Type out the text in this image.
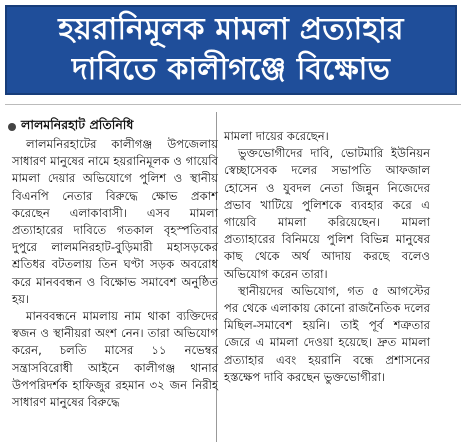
হয়রানিমূলক মামলা প্রত্যাহার
দাবিতে কালীগঞ্জে বিক্ষোভ
লালমনিরহাট প্রতিনিধি

লালমনিরহাটের কালীগঞ্জ উপজেলায় সাধারণ মানুষের নামে হয়রানিমূলক ও গায়েবি মামলা দেয়ার অভিযোগে পুলিশ ও স্থানীয় বিএনপি নেতার বিরুদ্ধে ক্ষোভ প্রকাশ করেছেন এলাকাবাসী। এসব মামলা প্রত্যাহারের দাবিতে গতকাল বৃহস্পতিবার দুপুরে লালমনিরহাট-বুড়িমারী মহাসড়কের শ্রতিধর বটতলায় তিন ঘণ্টা সড়ক অবরোধ করে মানববন্ধন ও বিক্ষোভ সমাবেশ অনুষ্ঠিত হয়।

মানববন্ধনে মামলায় নাম থাকা ব্যক্তিদের স্বজন ও স্থানীয়রা অংশ নেন। তারা অভিযোগ করেন, চলতি মাসের ১১ নভেম্বর সন্ত্রাসবিরোধী আইনে কালীগঞ্জ থানার উপপরিদর্শক হাফিজুর রহমান ৩২ জন নিরীহ সাধারণ মানুষের বিরুদ্ধে

মামলা দায়ের করেছেন।

ভুক্তভোগীদের দাবি, ভোটমারি ইউনিয়ন স্বেচ্ছাসেবক দলের সভাপতি আফজাল হোসেন ও যুবদল নেতা জিন্নুন নিজেদের প্রভাব খাটিয়ে পুলিশকে ব্যবহার করে এ গায়েবি মামলা করিয়েছেন। মামলা প্রত্যাহারের বিনিময়ে পুলিশ বিভিন্ন মানুষের কাছ থেকে অর্থ আদায় করছে বলেও অভিযোগ করেন তারা।

স্থানীয়দের অভিযোগ, গত ৫ আগস্টের পর থেকে এলাকায় কোনো রাজনৈতিক দলের মিছিল-সমাবেশ হয়নি। তাই পূর্ব শত্রুতার জেরে এ মামলা দেওয়া হয়েছে। দ্রুত মামলা প্রত্যাহার এবং হয়রানি বন্ধে প্রশাসনের হস্তক্ষেপ দাবি করছেন ভুক্তভোগীরা।
